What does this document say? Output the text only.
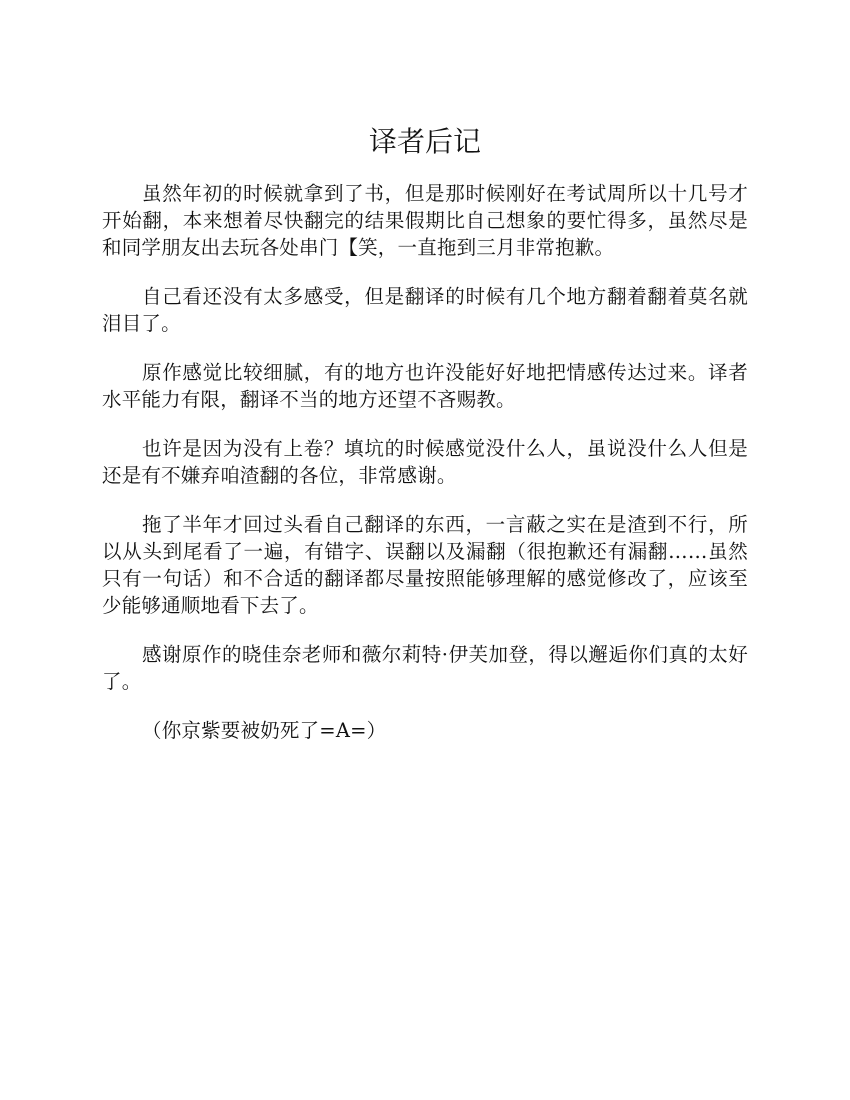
译者后记

虽然年初的时候就拿到了书，但是那时候刚好在考试周所以十几号才开始翻，本来想着尽快翻完的结果假期比自己想象的要忙得多，虽然尽是和同学朋友出去玩各处串门【笑，一直拖到三月非常抱歉。

自己看还没有太多感受，但是翻译的时候有几个地方翻着翻着莫名就泪目了。

原作感觉比较细腻，有的地方也许没能好好地把情感传达过来。译者水平能力有限，翻译不当的地方还望不吝赐教。

也许是因为没有上卷？填坑的时候感觉没什么人，虽说没什么人但是还是有不嫌弃咱渣翻的各位，非常感谢。

拖了半年才回过头看自己翻译的东西，一言蔽之实在是渣到不行，所以从头到尾看了一遍，有错字、误翻以及漏翻（很抱歉还有漏翻……虽然只有一句话）和不合适的翻译都尽量按照能够理解的感觉修改了，应该至少能够通顺地看下去了。

感谢原作的晓佳奈老师和薇尔莉特·伊芙加登，得以邂逅你们真的太好了。

（你京紫要被奶死了=A=）
